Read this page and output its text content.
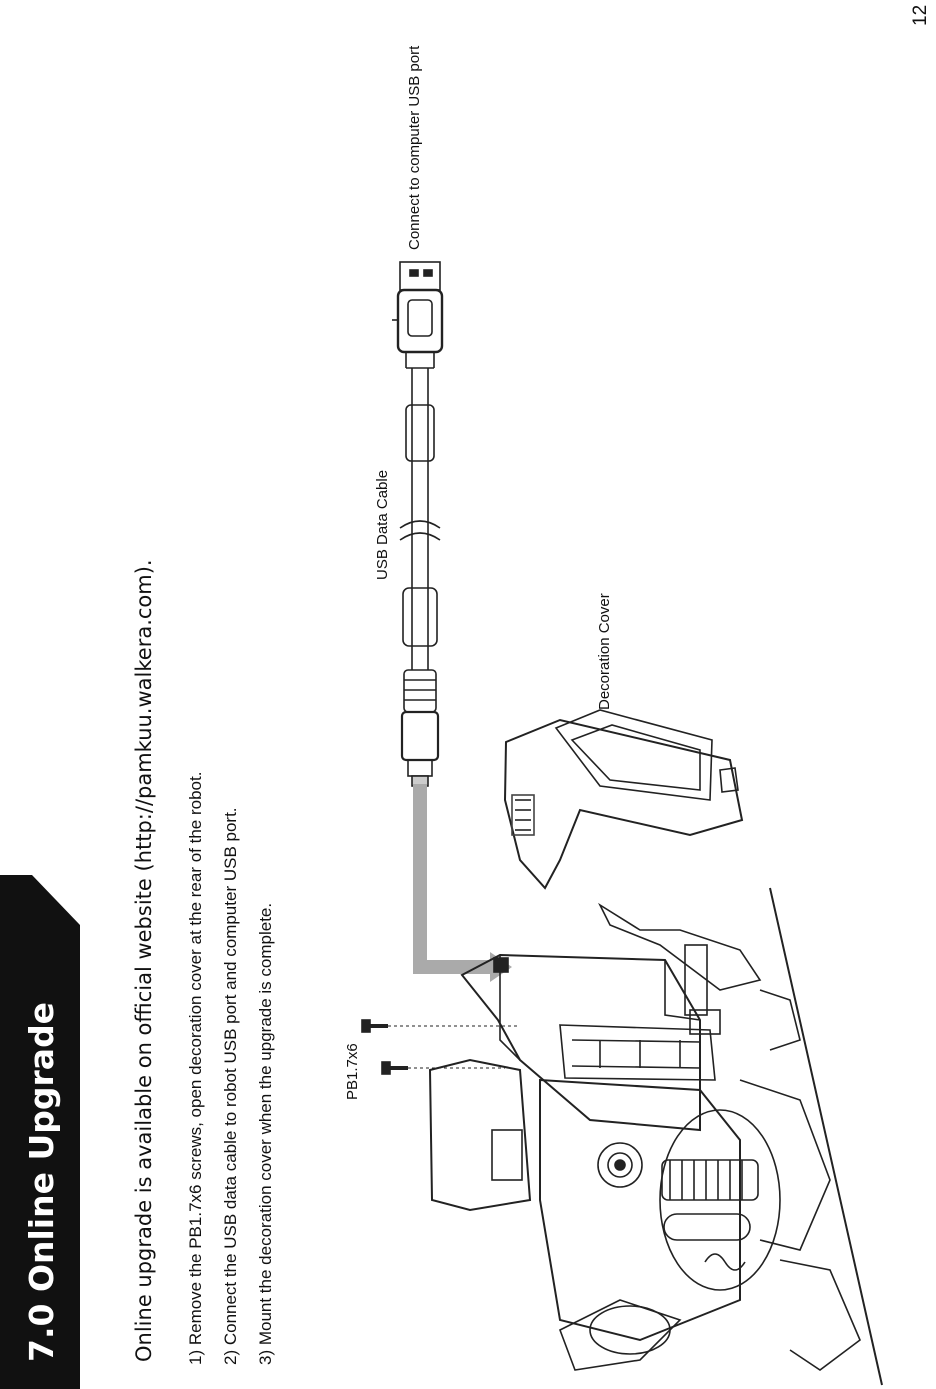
12
7.0 Online Upgrade	Online upgrade is available on official website (http://pamkuu.walkera.com). 1) Remove the PB1.7x6 screws, open decoration cover at the rear of the robot. 2) Connect the USB data cable to robot USB port and computer USB port. 3) Mount the decoration cover when the upgrade is complete.
Connect to computer USB port
USB Data Cable
Decoration Cover
PB1.7x6
